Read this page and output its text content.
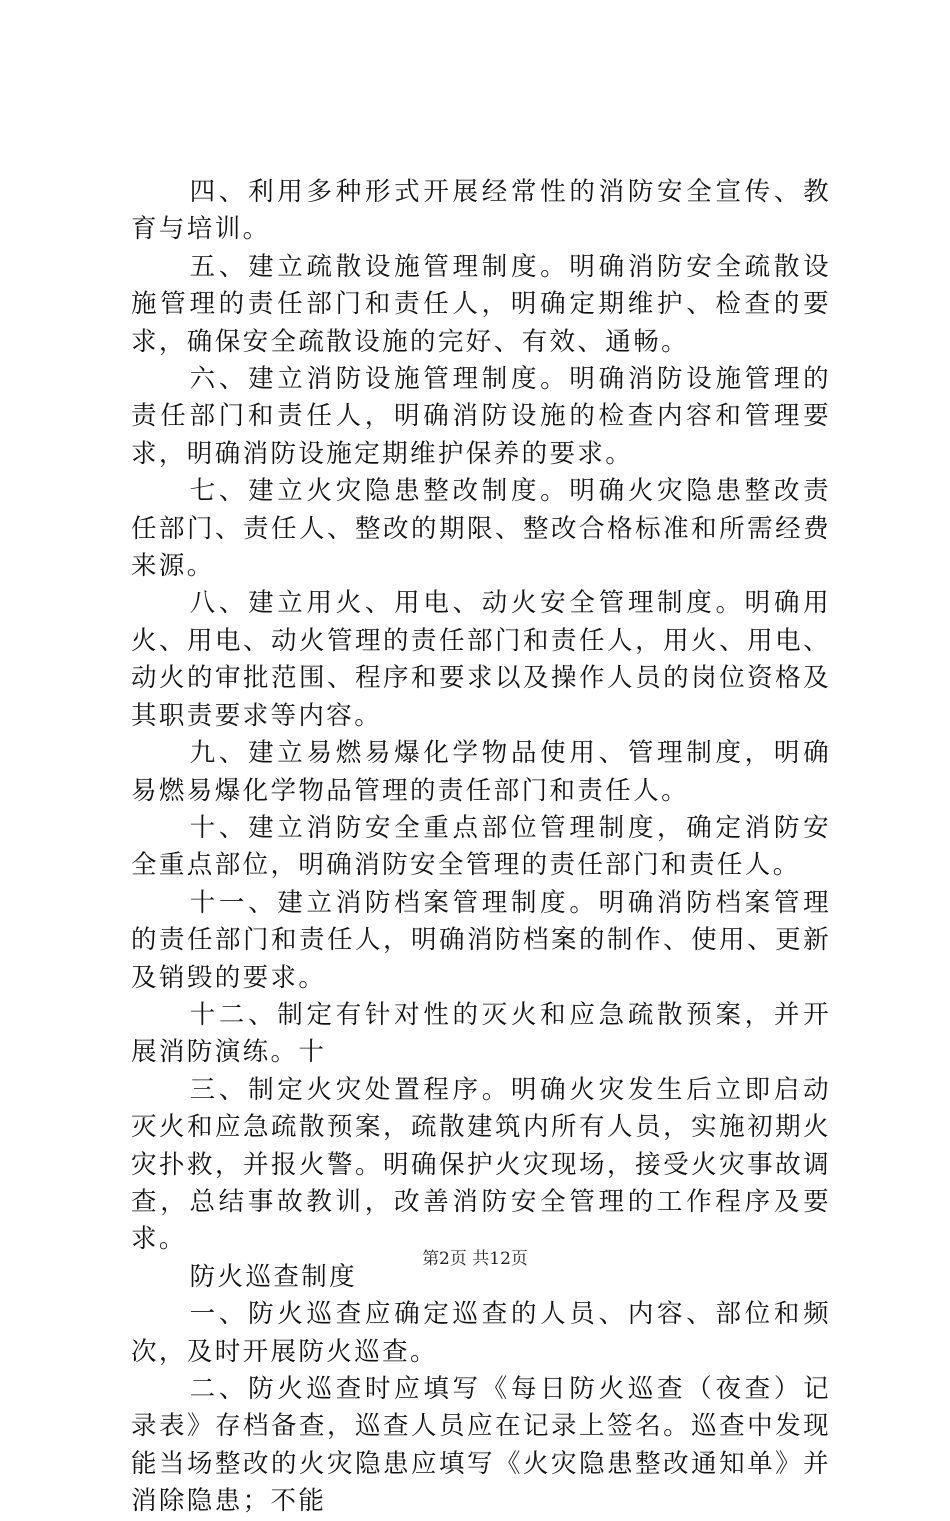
四、利用多种形式开展经常性的消防安全宣传、教育与培训。

五、建立疏散设施管理制度。明确消防安全疏散设施管理的责任部门和责任人，明确定期维护、检查的要求，确保安全疏散设施的完好、有效、通畅。

六、建立消防设施管理制度。明确消防设施管理的责任部门和责任人，明确消防设施的检查内容和管理要求，明确消防设施定期维护保养的要求。

七、建立火灾隐患整改制度。明确火灾隐患整改责任部门、责任人、整改的期限、整改合格标准和所需经费来源。

八、建立用火、用电、动火安全管理制度。明确用火、用电、动火管理的责任部门和责任人，用火、用电、动火的审批范围、程序和要求以及操作人员的岗位资格及其职责要求等内容。

九、建立易燃易爆化学物品使用、管理制度，明确易燃易爆化学物品管理的责任部门和责任人。

十、建立消防安全重点部位管理制度，确定消防安全重点部位，明确消防安全管理的责任部门和责任人。

十一、建立消防档案管理制度。明确消防档案管理的责任部门和责任人，明确消防档案的制作、使用、更新及销毁的要求。

十二、制定有针对性的灭火和应急疏散预案，并开展消防演练。十

三、制定火灾处置程序。明确火灾发生后立即启动灭火和应急疏散预案，疏散建筑内所有人员，实施初期火灾扑救，并报火警。明确保护火灾现场，接受火灾事故调查，总结事故教训，改善消防安全管理的工作程序及要求。

防火巡查制度

一、防火巡查应确定巡查的人员、内容、部位和频次，及时开展防火巡查。

二、防火巡查时应填写《每日防火巡查（夜查）记录表》存档备查，巡查人员应在记录上签名。巡查中发现能当场整改的火灾隐患应填写《火灾隐患整改通知单》并消除隐患；不能

第2页 共12页
